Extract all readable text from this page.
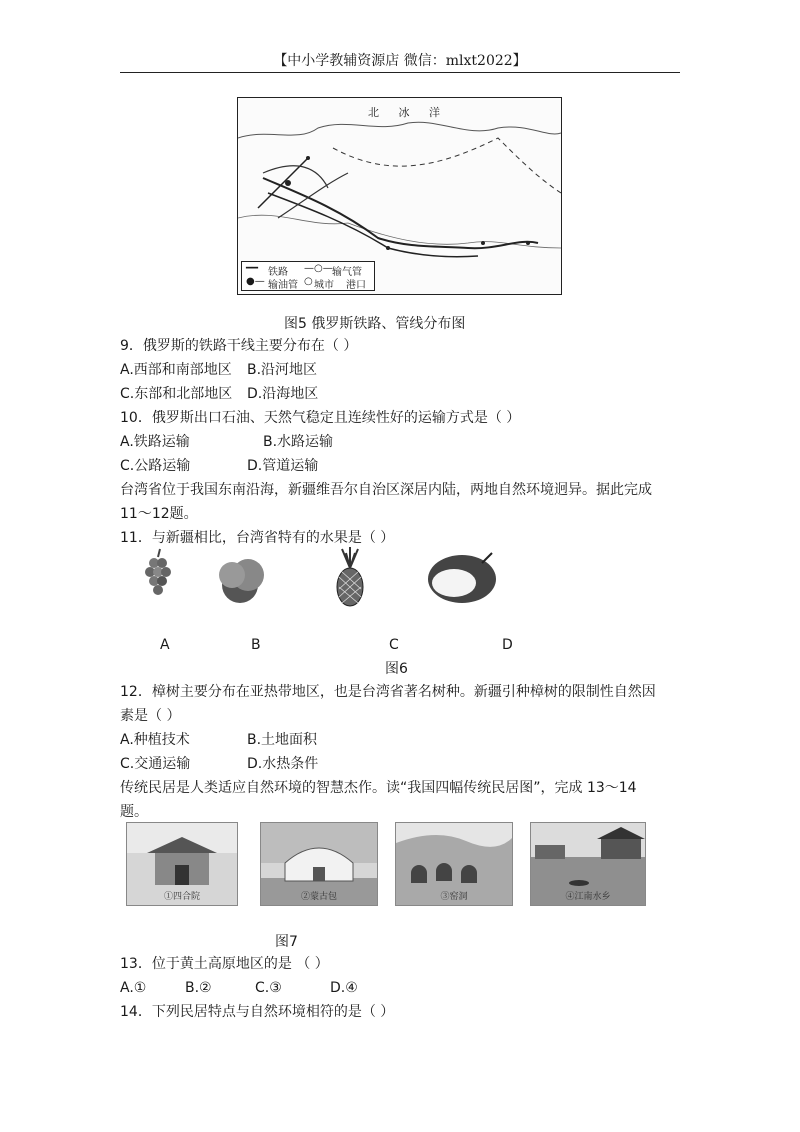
【中小学教辅资源店 微信：mlxt2022】
北 冰 洋
━━ 铁路 —○— 输气管
●— 输油管 ○ 城市 港口
图5 俄罗斯铁路、管线分布图
9．俄罗斯的铁路干线主要分布在（ ）
A.西部和南部地区 B.沿河地区
C.东部和北部地区 D.沿海地区
10．俄罗斯出口石油、天然气稳定且连续性好的运输方式是（ ）
A.铁路运输	B.水路运输
C.公路运输	D.管道运输
台湾省位于我国东南沿海，新疆维吾尔自治区深居内陆，两地自然环境迥异。据此完成
11～12题。
11．与新疆相比，台湾省特有的水果是（ ）
A	B	C	D
图6
12．樟树主要分布在亚热带地区，也是台湾省著名树种。新疆引种樟树的限制性自然因
素是（ ）
A.种植技术	B.土地面积
C.交通运输	D.水热条件
传统民居是人类适应自然环境的智慧杰作。读“我国四幅传统民居图”，完成 13～14
题。
①四合院	②蒙古包	③窑洞	④江南水乡
图7
13．位于黄土高原地区的是 （ ）
A.①	B.②	C.③	D.④
14．下列民居特点与自然环境相符的是（ ）
